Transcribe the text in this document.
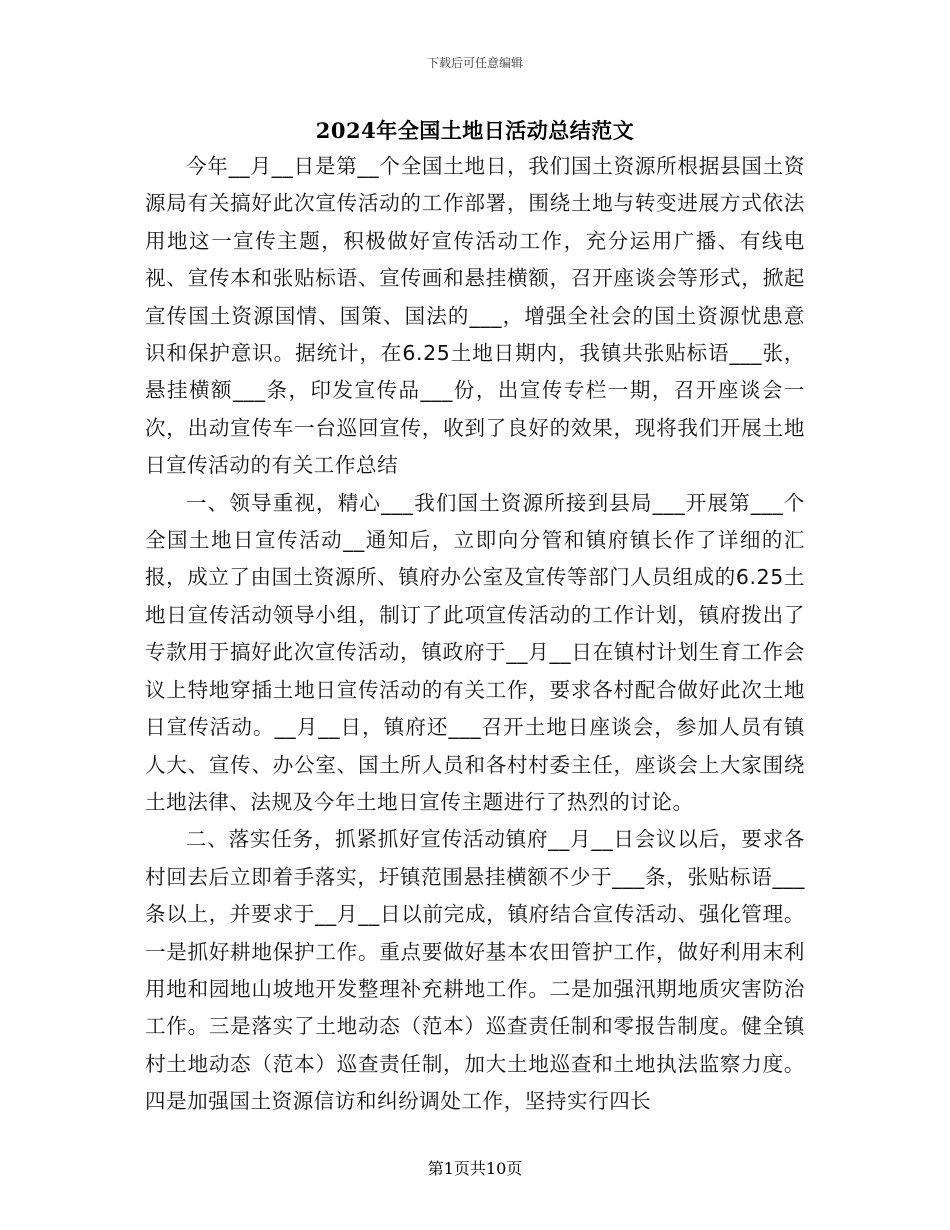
下载后可任意编辑
2024年全国土地日活动总结范文

今年__月__日是第__个全国土地日，我们国土资源所根据县国土资源局有关搞好此次宣传活动的工作部署，围绕土地与转变进展方式依法用地这一宣传主题，积极做好宣传活动工作，充分运用广播、有线电视、宣传本和张贴标语、宣传画和悬挂横额，召开座谈会等形式，掀起宣传国土资源国情、国策、国法的___，增强全社会的国土资源忧患意识和保护意识。据统计，在6.25土地日期内，我镇共张贴标语___张，悬挂横额___条，印发宣传品___份，出宣传专栏一期，召开座谈会一次，出动宣传车一台巡回宣传，收到了良好的效果，现将我们开展土地日宣传活动的有关工作总结

一、领导重视，精心___我们国土资源所接到县局___开展第___个全国土地日宣传活动__通知后，立即向分管和镇府镇长作了详细的汇报，成立了由国土资源所、镇府办公室及宣传等部门人员组成的6.25土地日宣传活动领导小组，制订了此项宣传活动的工作计划，镇府拨出了专款用于搞好此次宣传活动，镇政府于__月__日在镇村计划生育工作会议上特地穿插土地日宣传活动的有关工作，要求各村配合做好此次土地日宣传活动。__月__日，镇府还___召开土地日座谈会，参加人员有镇人大、宣传、办公室、国土所人员和各村村委主任，座谈会上大家围绕土地法律、法规及今年土地日宣传主题进行了热烈的讨论。

二、落实任务，抓紧抓好宣传活动镇府__月__日会议以后，要求各村回去后立即着手落实，圩镇范围悬挂横额不少于___条，张贴标语___条以上，并要求于__月__日以前完成，镇府结合宣传活动、强化管理。一是抓好耕地保护工作。重点要做好基本农田管护工作，做好利用末利用地和园地山坡地开发整理补充耕地工作。二是加强汛期地质灾害防治工作。三是落实了土地动态（范本）巡查责任制和零报告制度。健全镇村土地动态（范本）巡查责任制，加大土地巡查和土地执法监察力度。四是加强国土资源信访和纠纷调处工作，坚持实行四长

第1页共10页
